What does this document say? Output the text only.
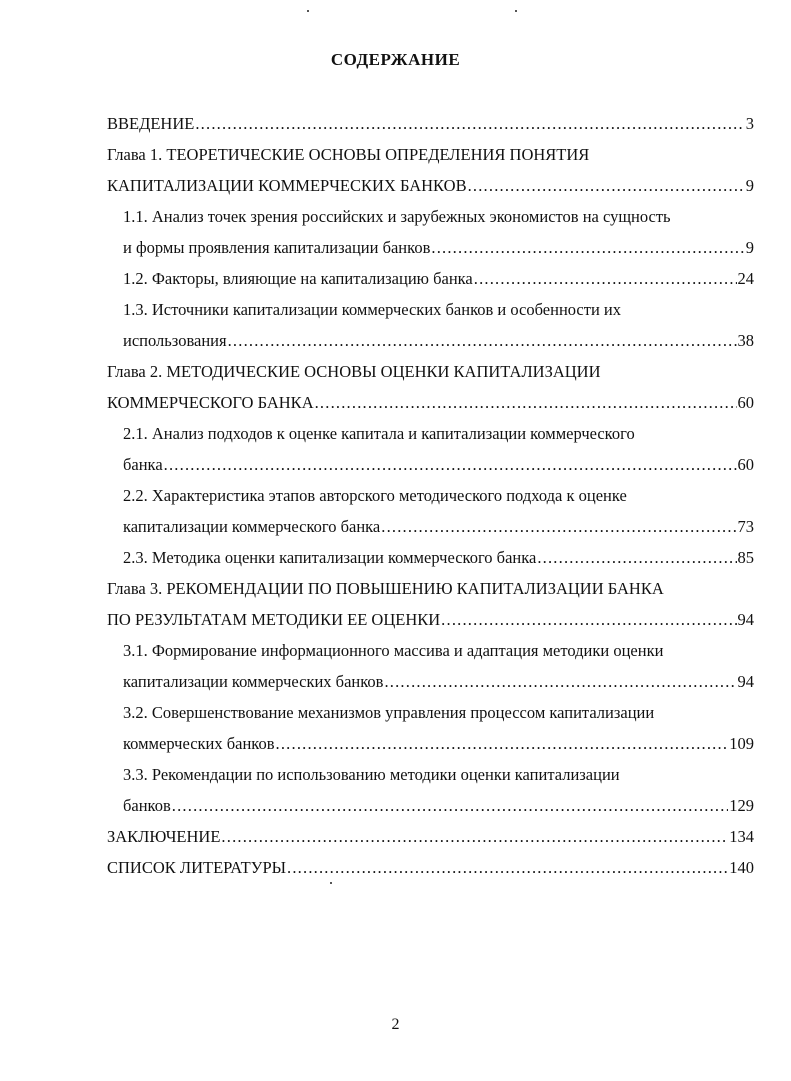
СОДЕРЖАНИЕ
ВВЕДЕНИЕ .....	3
Глава 1. ТЕОРЕТИЧЕСКИЕ ОСНОВЫ ОПРЕДЕЛЕНИЯ ПОНЯТИЯ
КАПИТАЛИЗАЦИИ КОММЕРЧЕСКИХ БАНКОВ .....	9
1.1. Анализ точек зрения российских и зарубежных экономистов на сущность
и формы проявления капитализации банков .....	9
1.2. Факторы, влияющие на капитализацию банка .....	24
1.3. Источники капитализации коммерческих банков и особенности их
использования .....	38
Глава 2. МЕТОДИЧЕСКИЕ ОСНОВЫ ОЦЕНКИ КАПИТАЛИЗАЦИИ
КОММЕРЧЕСКОГО БАНКА .....	60
2.1. Анализ подходов к оценке капитала и капитализации коммерческого
банка .....	60
2.2. Характеристика этапов авторского методического подхода к оценке
капитализации коммерческого банка .....	73
2.3. Методика оценки капитализации коммерческого банка .....	85
Глава 3. РЕКОМЕНДАЦИИ ПО ПОВЫШЕНИЮ КАПИТАЛИЗАЦИИ БАНКА
ПО РЕЗУЛЬТАТАМ МЕТОДИКИ ЕЕ ОЦЕНКИ .....	94
3.1. Формирование информационного массива и адаптация методики оценки
капитализации коммерческих банков .....	94
3.2. Совершенствование механизмов управления процессом капитализации
коммерческих банков .....	109
3.3. Рекомендации по использованию методики оценки капитализации
банков .....	129
ЗАКЛЮЧЕНИЕ .....	134
СПИСОК ЛИТЕРАТУРЫ .....	140
2
